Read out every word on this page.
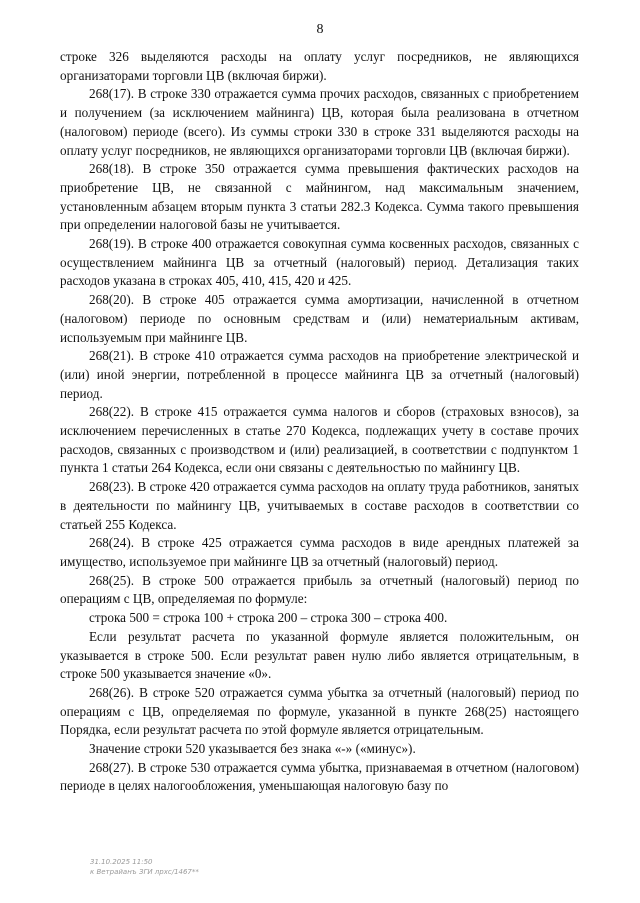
8

строке 326 выделяются расходы на оплату услуг посредников, не являющихся организаторами торговли ЦВ (включая биржи).

268(17). В строке 330 отражается сумма прочих расходов, связанных с приобретением и получением (за исключением майнинга) ЦВ, которая была реализована в отчетном (налоговом) периоде (всего). Из суммы строки 330 в строке 331 выделяются расходы на оплату услуг посредников, не являющихся организаторами торговли ЦВ (включая биржи).

268(18). В строке 350 отражается сумма превышения фактических расходов на приобретение ЦВ, не связанной с майнингом, над максимальным значением, установленным абзацем вторым пункта 3 статьи 282.3 Кодекса. Сумма такого превышения при определении налоговой базы не учитывается.

268(19). В строке 400 отражается совокупная сумма косвенных расходов, связанных с осуществлением майнинга ЦВ за отчетный (налоговый) период. Детализация таких расходов указана в строках 405, 410, 415, 420 и 425.

268(20). В строке 405 отражается сумма амортизации, начисленной в отчетном (налоговом) периоде по основным средствам и (или) нематериальным активам, используемым при майнинге ЦВ.

268(21). В строке 410 отражается сумма расходов на приобретение электрической и (или) иной энергии, потребленной в процессе майнинга ЦВ за отчетный (налоговый) период.

268(22). В строке 415 отражается сумма налогов и сборов (страховых взносов), за исключением перечисленных в статье 270 Кодекса, подлежащих учету в составе прочих расходов, связанных с производством и (или) реализацией, в соответствии с подпунктом 1 пункта 1 статьи 264 Кодекса, если они связаны с деятельностью по майнингу ЦВ.

268(23). В строке 420 отражается сумма расходов на оплату труда работников, занятых в деятельности по майнингу ЦВ, учитываемых в составе расходов в соответствии со статьей 255 Кодекса.

268(24). В строке 425 отражается сумма расходов в виде арендных платежей за имущество, используемое при майнинге ЦВ за отчетный (налоговый) период.

268(25). В строке 500 отражается прибыль за отчетный (налоговый) период по операциям с ЦВ, определяемая по формуле:

строка 500 = строка 100 + строка 200 – строка 300 – строка 400.

Если результат расчета по указанной формуле является положительным, он указывается в строке 500. Если результат равен нулю либо является отрицательным, в строке 500 указывается значение «0».

268(26). В строке 520 отражается сумма убытка за отчетный (налоговый) период по операциям с ЦВ, определяемая по формуле, указанной в пункте 268(25) настоящего Порядка, если результат расчета по этой формуле является отрицательным.

Значение строки 520 указывается без знака «-» («минус»).

268(27). В строке 530 отражается сумма убытка, признаваемая в отчетном (налоговом) периоде в целях налогообложения, уменьшающая налоговую базу по

31.10.2025 11:50
к Ветрайанъ ЗГИ лрхс/1467**
